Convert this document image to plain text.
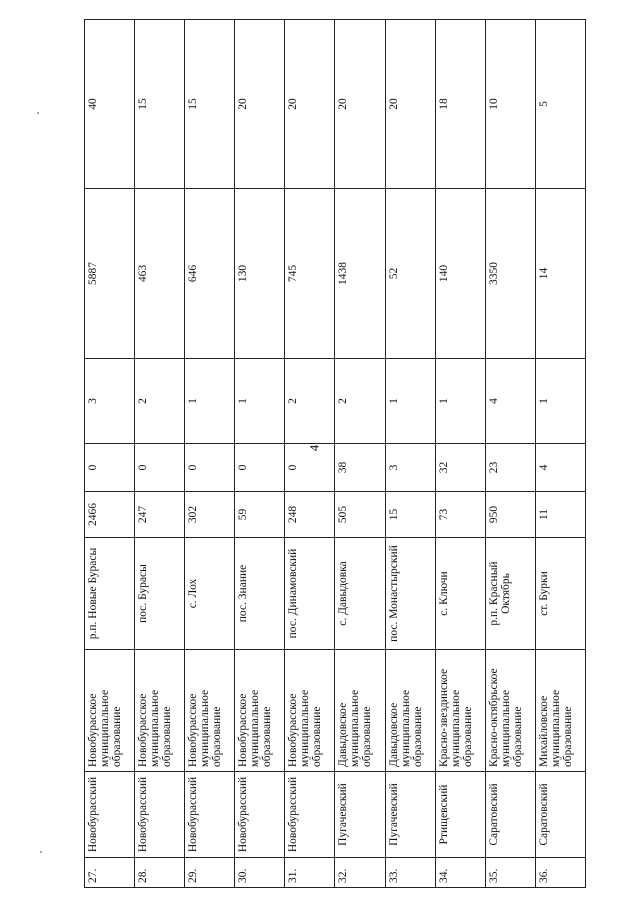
4
27.	Новобурасский	Новобурасское муниципальное образование	р.п. Новые Бурасы	2466	0	3	5887	40
28.	Новобурасский	Новобурасское муниципальное образование	пос. Бурасы	247	0	2	463	15
29.	Новобурасский	Новобурасское муниципальное образование	с. Лох	302	0	1	646	15
30.	Новобурасский	Новобурасское муниципальное образование	пос. Знание	59	0	1	130	20
31.	Новобурасский	Новобурасское муниципальное образование	пос. Динамовский	248	0	2	745	20
32.	Пугачевский	Давыдовское муниципальное образование	с. Давыдовка	505	38	2	1438	20
33.	Пугачевский	Давыдовское муниципальное образование	пос. Монастырский	15	3	1	52	20
34.	Ртищевский	Красно-звездинское муниципальное образование	с. Ключи	73	32	1	140	18
35.	Саратовский	Красно-октябрьское муниципальное образование	р.п. Красный Октябрь	950	23	4	3350	10
36.	Саратовский	Михайловское муниципальное образование	ст. Бурки	11	4	1	14	5
